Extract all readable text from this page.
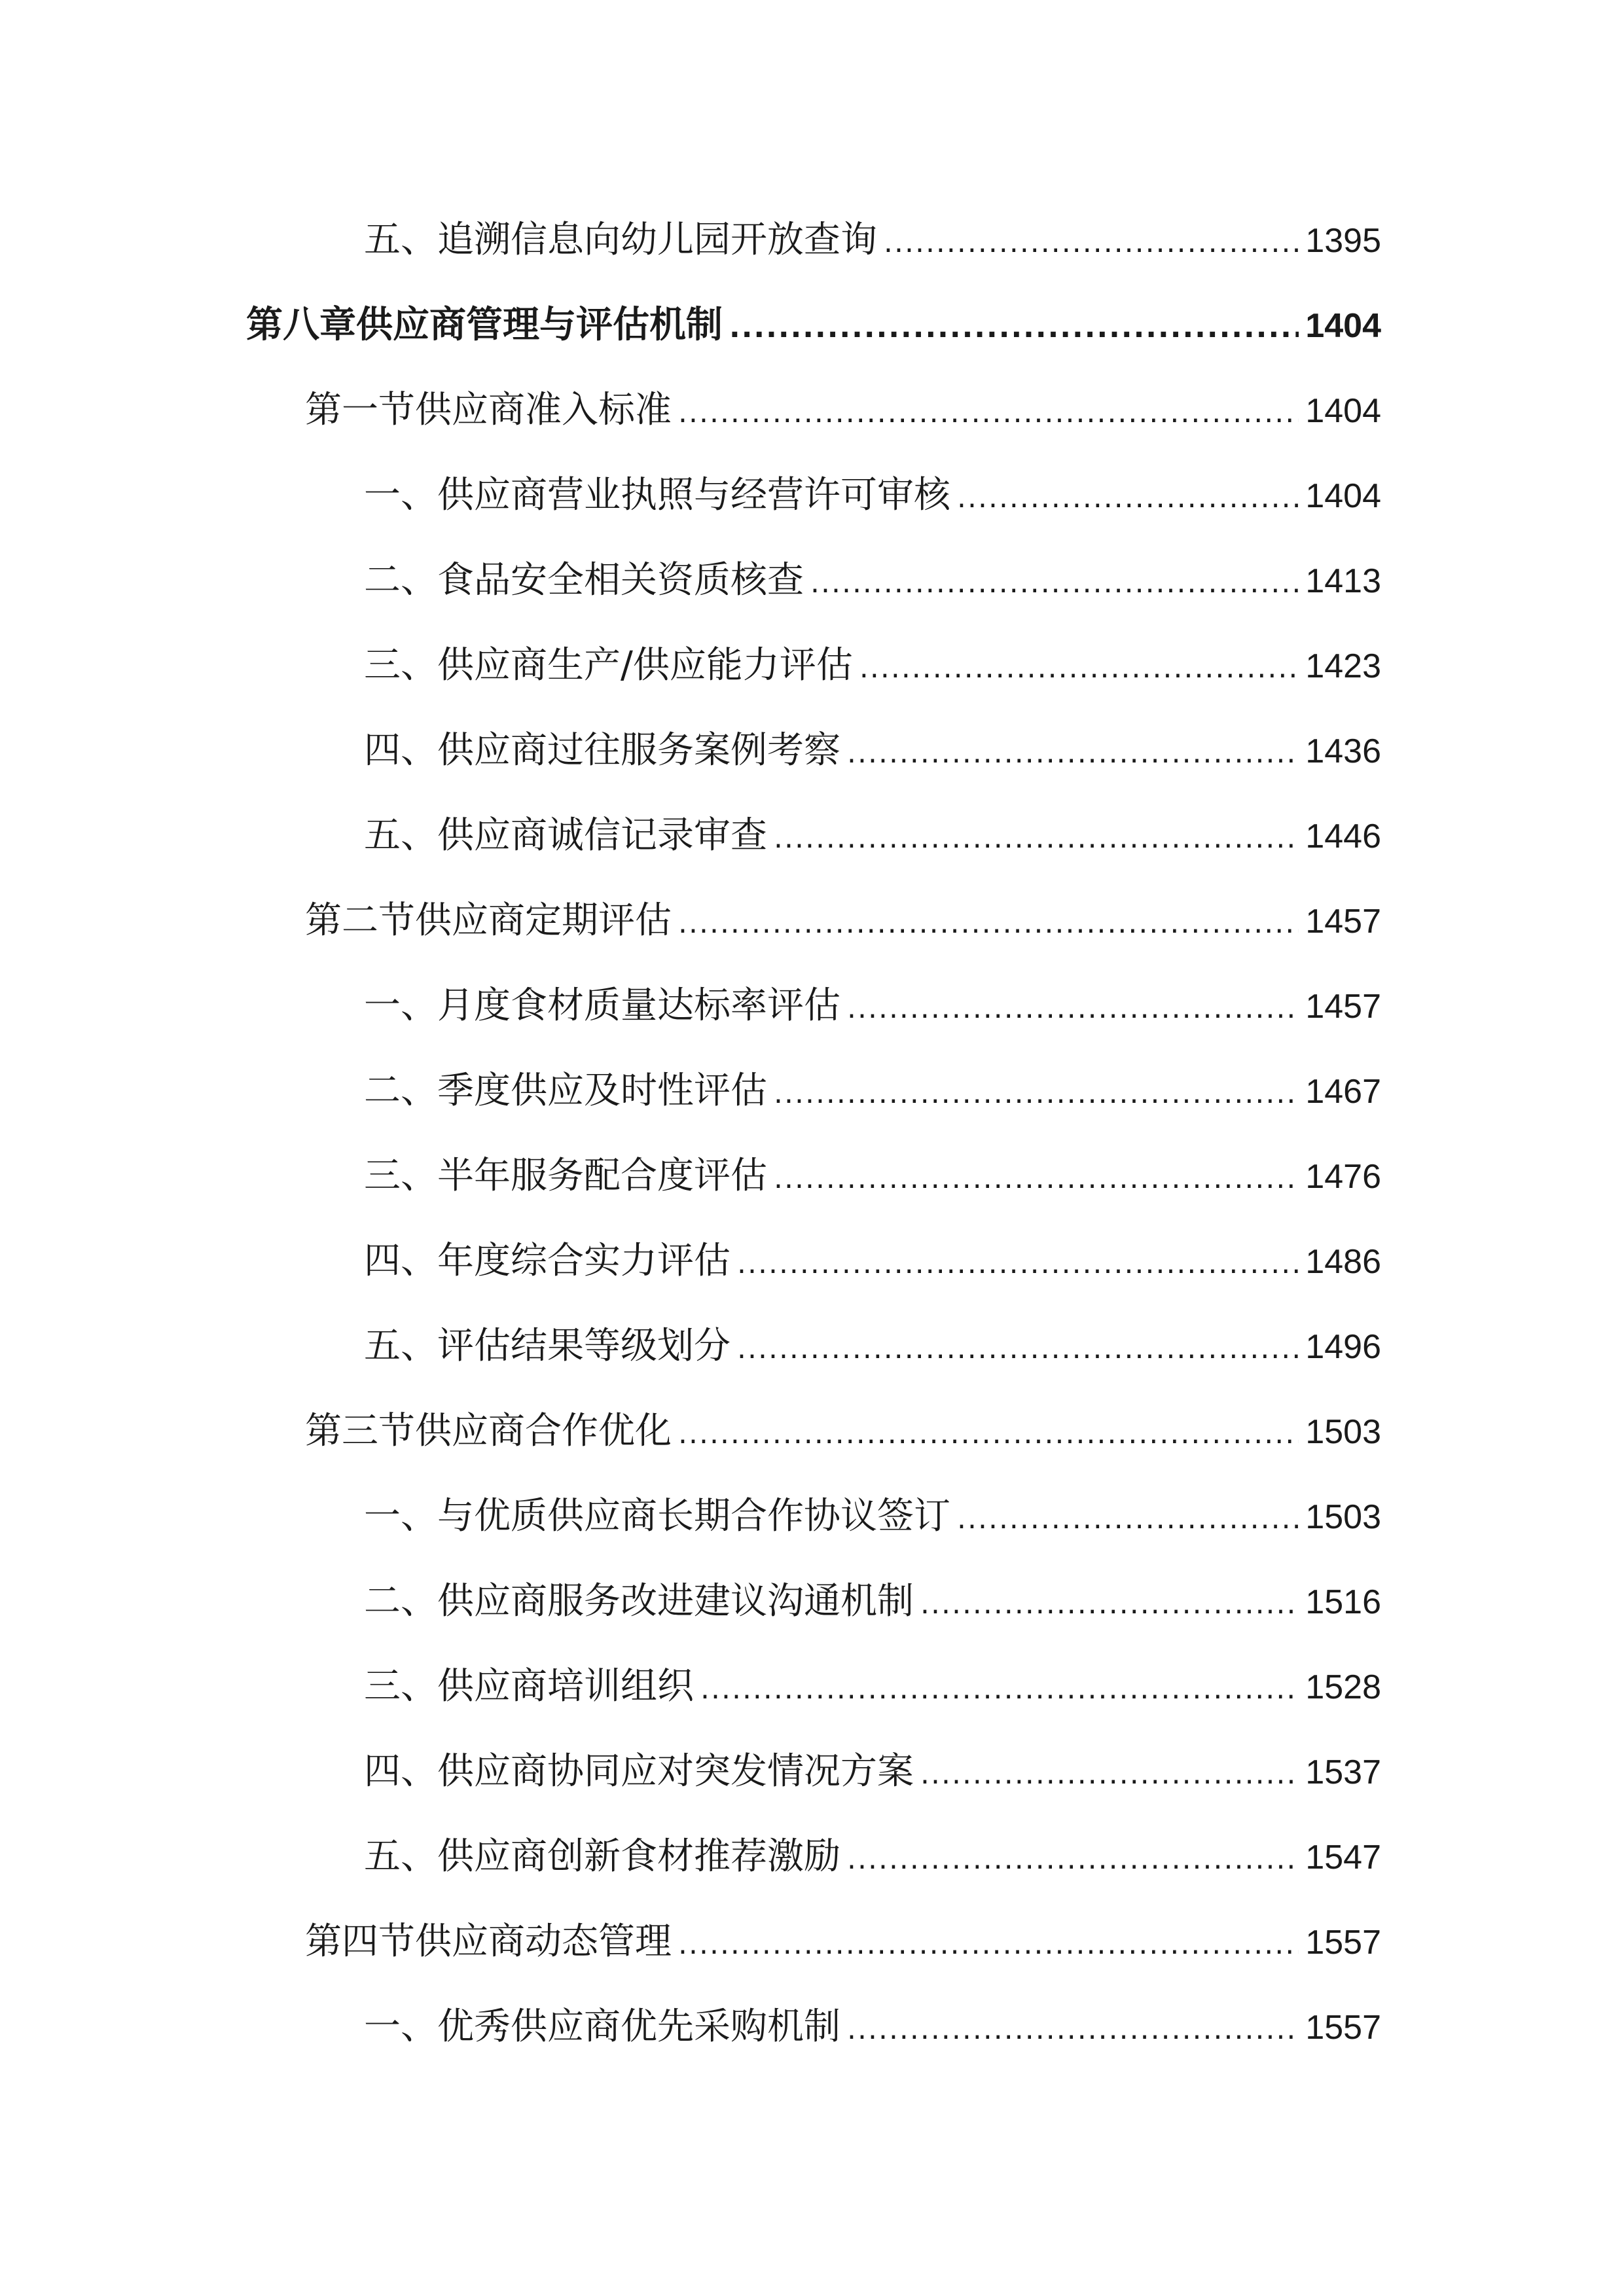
五、追溯信息向幼儿园开放查询 .....	1395
第八章供应商管理与评估机制 .....	1404
第一节供应商准入标准 .....	1404
一、供应商营业执照与经营许可审核 .....	1404
二、食品安全相关资质核查 .....	1413
三、供应商生产/供应能力评估 .....	1423
四、供应商过往服务案例考察 .....	1436
五、供应商诚信记录审查 .....	1446
第二节供应商定期评估 .....	1457
一、月度食材质量达标率评估 .....	1457
二、季度供应及时性评估 .....	1467
三、半年服务配合度评估 .....	1476
四、年度综合实力评估 .....	1486
五、评估结果等级划分 .....	1496
第三节供应商合作优化 .....	1503
一、与优质供应商长期合作协议签订 .....	1503
二、供应商服务改进建议沟通机制 .....	1516
三、供应商培训组织 .....	1528
四、供应商协同应对突发情况方案 .....	1537
五、供应商创新食材推荐激励 .....	1547
第四节供应商动态管理 .....	1557
一、优秀供应商优先采购机制 .....	1557
